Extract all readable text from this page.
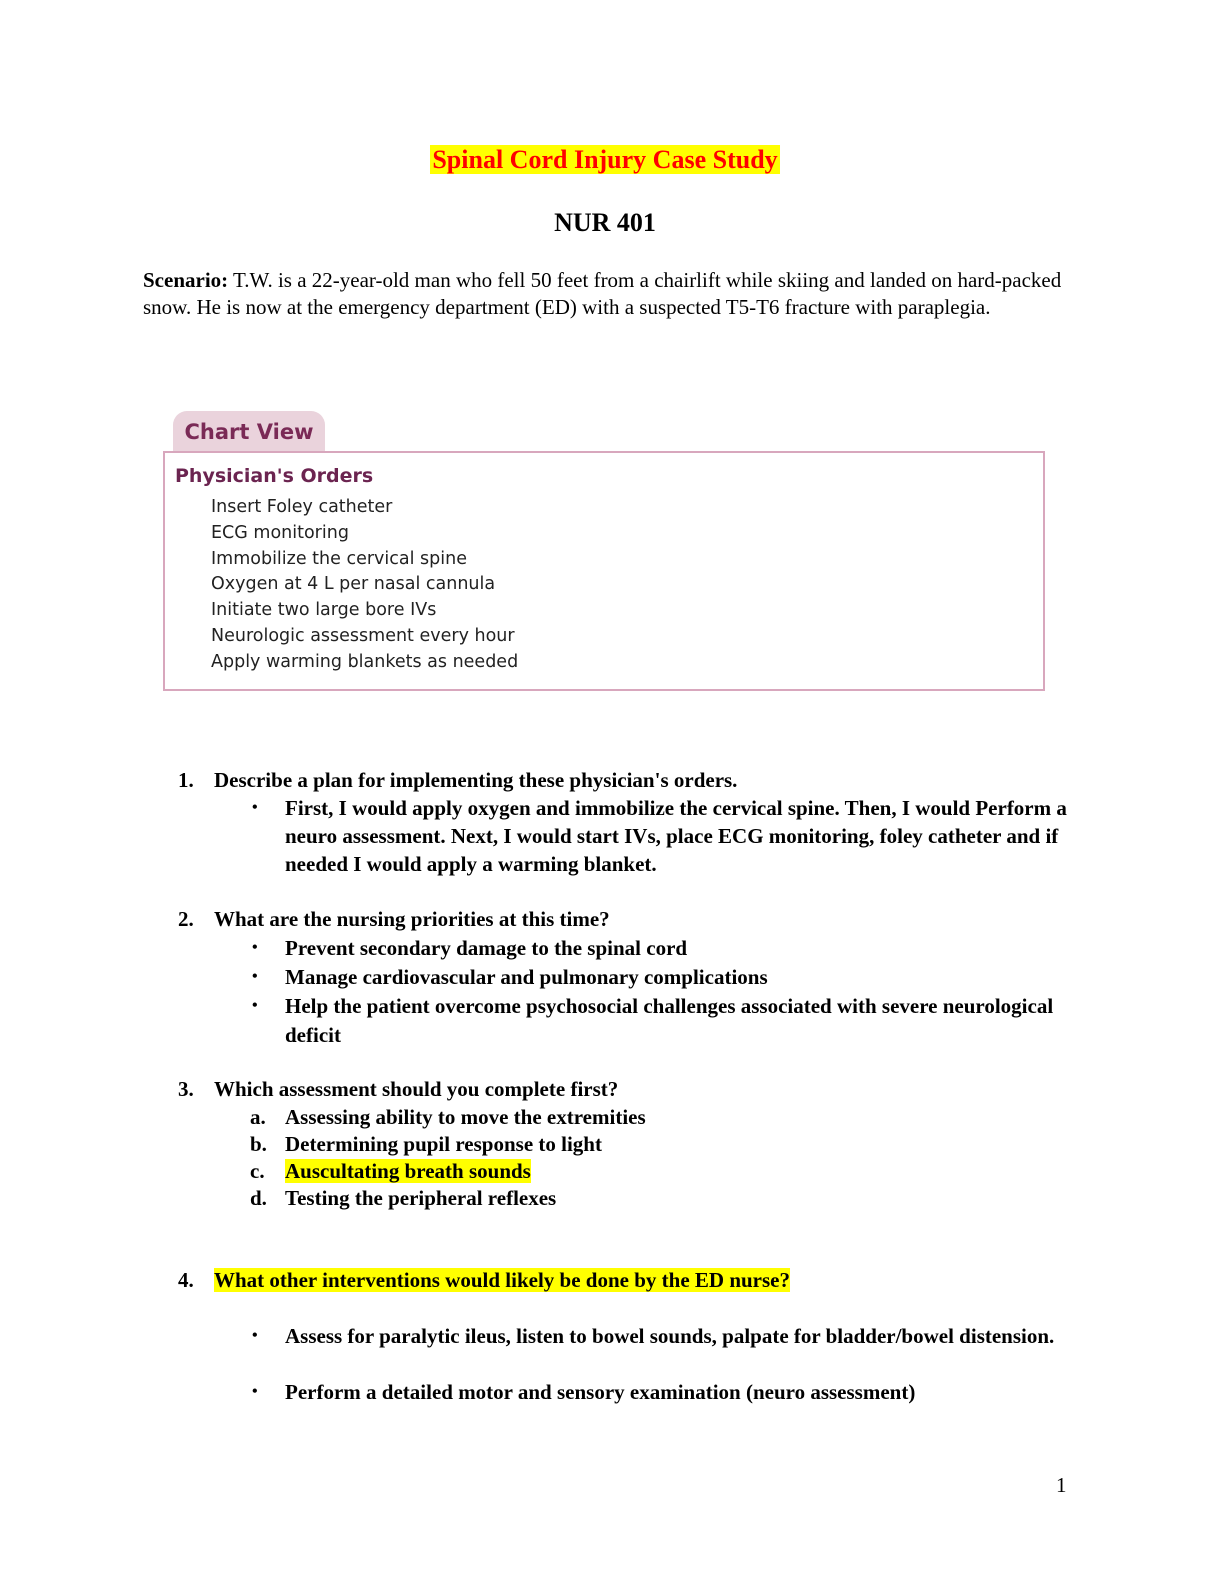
Spinal Cord Injury Case Study
NUR 401
Scenario: T.W. is a 22-year-old man who fell 50 feet from a chairlift while skiing and landed on hard-packed snow. He is now at the emergency department (ED) with a suspected T5-T6 fracture with paraplegia.
Chart View
Physician's Orders
Insert Foley catheter
ECG monitoring
Immobilize the cervical spine
Oxygen at 4 L per nasal cannula
Initiate two large bore IVs
Neurologic assessment every hour
Apply warming blankets as needed
1. Describe a plan for implementing these physician's orders.
• First, I would apply oxygen and immobilize the cervical spine. Then, I would Perform a neuro assessment. Next, I would start IVs, place ECG monitoring, foley catheter and if needed I would apply a warming blanket.
2. What are the nursing priorities at this time?
• Prevent secondary damage to the spinal cord
• Manage cardiovascular and pulmonary complications
• Help the patient overcome psychosocial challenges associated with severe neurological deficit
3. Which assessment should you complete first?
a. Assessing ability to move the extremities
b. Determining pupil response to light
c. Auscultating breath sounds
d. Testing the peripheral reflexes
4. What other interventions would likely be done by the ED nurse?
• Assess for paralytic ileus, listen to bowel sounds, palpate for bladder/bowel distension.
• Perform a detailed motor and sensory examination (neuro assessment)
1
